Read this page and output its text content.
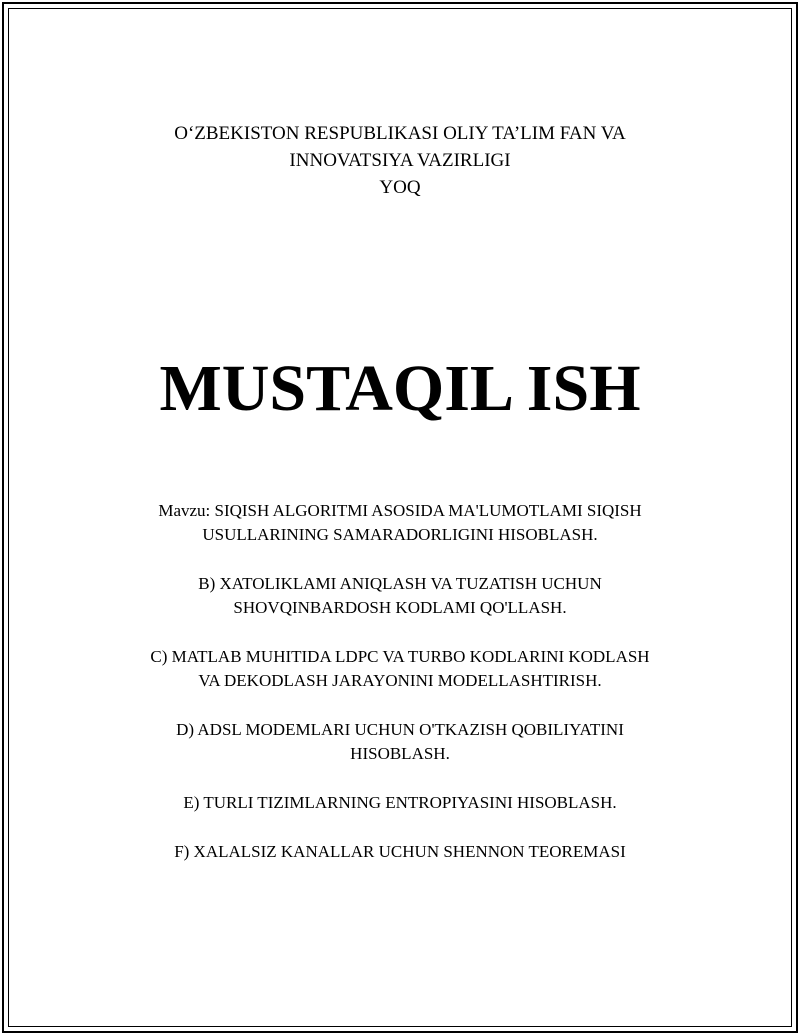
O‘ZBEKISTON RESPUBLIKASI OLIY TA’LIM FAN VA
INNOVATSIYA VAZIRLIGI
YOQ
MUSTAQIL ISH
Mavzu: SIQISH ALGORITMI ASOSIDA MA'LUMOTLAMI SIQISH
USULLARINING SAMARADORLIGINI HISOBLASH.
B) XATOLIKLAMI ANIQLASH VA TUZATISH UCHUN
SHOVQINBARDOSH KODLAMI QO'LLASH.
C) MATLAB MUHITIDA LDPC VA TURBO KODLARINI KODLASH
VA DEKODLASH JARAYONINI MODELLASHTIRISH.
D) ADSL MODEMLARI UCHUN O'TKAZISH QOBILIYATINI
HISOBLASH.
E) TURLI TIZIMLARNING ENTROPIYASINI HISOBLASH.
F) XALALSIZ KANALLAR UCHUN SHENNON TEOREMASI
